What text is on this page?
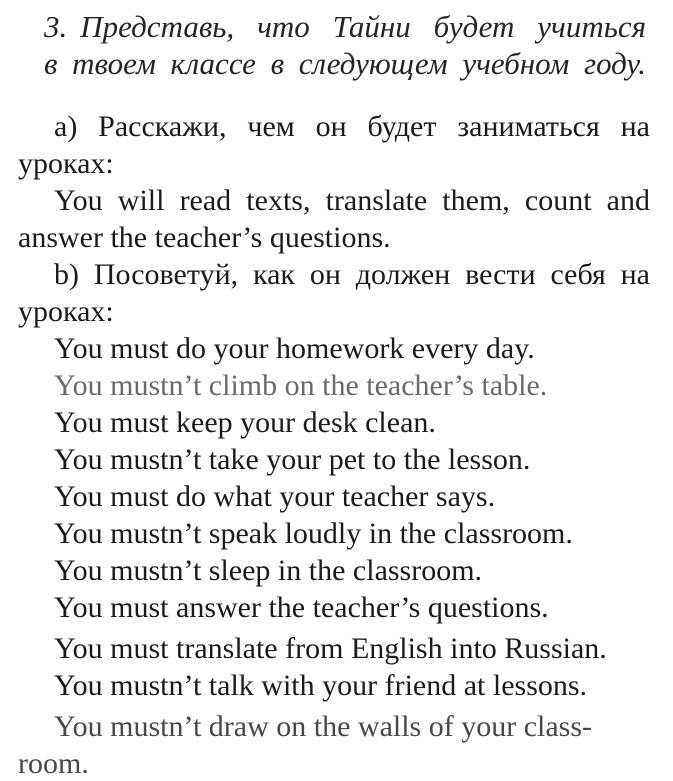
3. Представь, что Тайни будет учиться
в твоем классе в следующем учебном году.
а) Расскажи, чем он будет заниматься на
уроках:
You will read texts, translate them, count and
answer the teacher’s questions.
b) Посоветуй, как он должен вести себя на
уроках:
You must do your homework every day.
You mustn’t climb on the teacher’s table.
You must keep your desk clean.
You mustn’t take your pet to the lesson.
You must do what your teacher says.
You mustn’t speak loudly in the classroom.
You mustn’t sleep in the classroom.
You must answer the teacher’s questions.
You must translate from English into Russian.
You mustn’t talk with your friend at lessons.
You mustn’t draw on the walls of your class-
room.
